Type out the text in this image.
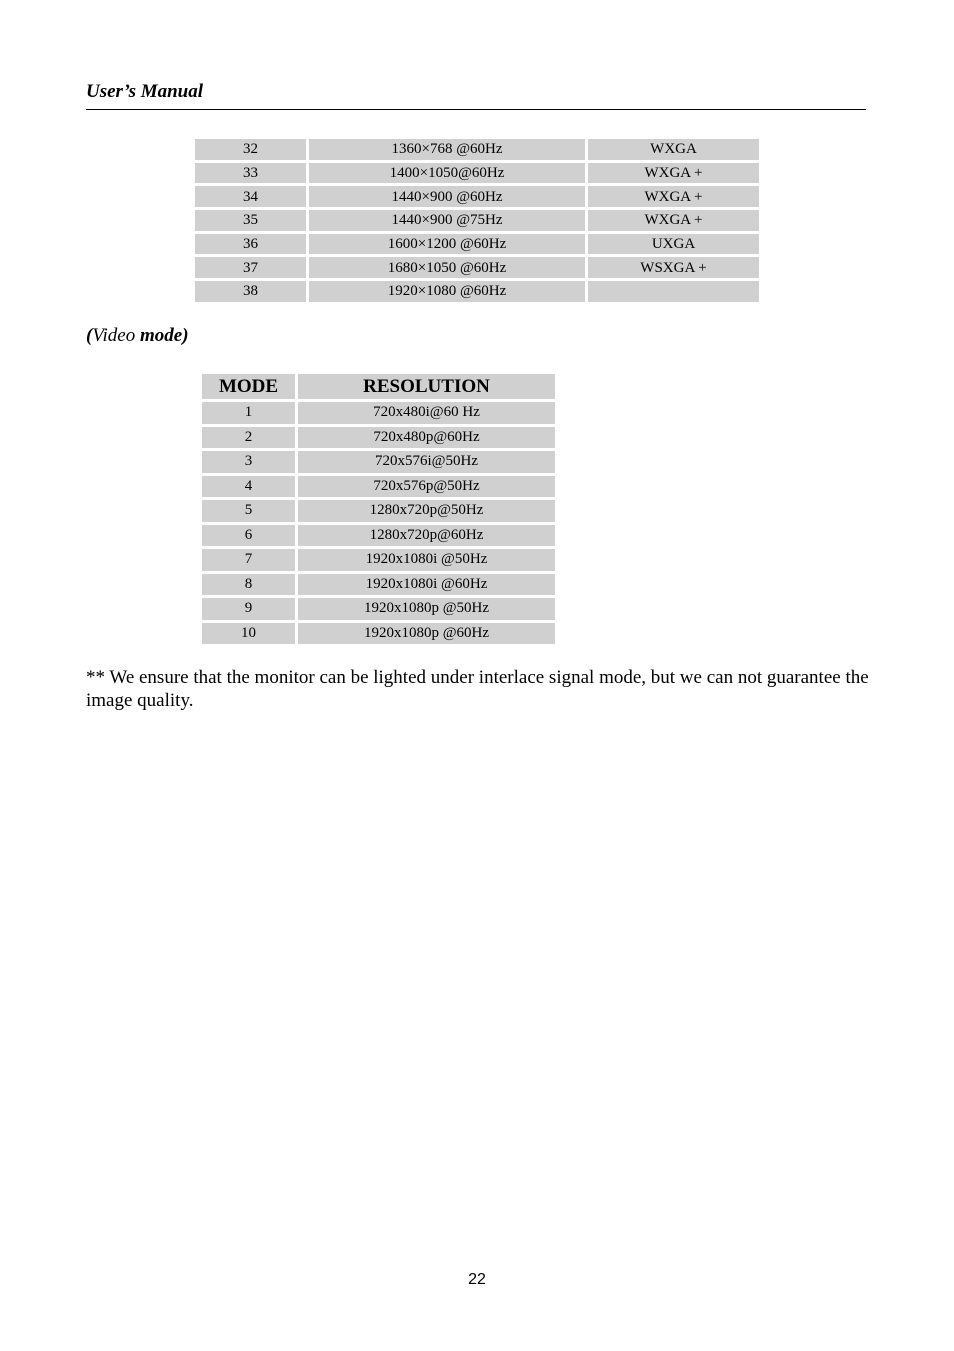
User’s Manual
32	1360×768 @60Hz	WXGA
33	1400×1050@60Hz	WXGA +
34	1440×900 @60Hz	WXGA +
35	1440×900 @75Hz	WXGA +
36	1600×1200 @60Hz	UXGA
37	1680×1050 @60Hz	WSXGA +
38	1920×1080 @60Hz	
(Video mode)
MODE	RESOLUTION
1	720x480i@60 Hz
2	720x480p@60Hz
3	720x576i@50Hz
4	720x576p@50Hz
5	1280x720p@50Hz
6	1280x720p@60Hz
7	1920x1080i @50Hz
8	1920x1080i @60Hz
9	1920x1080p @50Hz
10	1920x1080p @60Hz
** We ensure that the monitor can be lighted under interlace signal mode, but we can not guarantee the image quality.
22
